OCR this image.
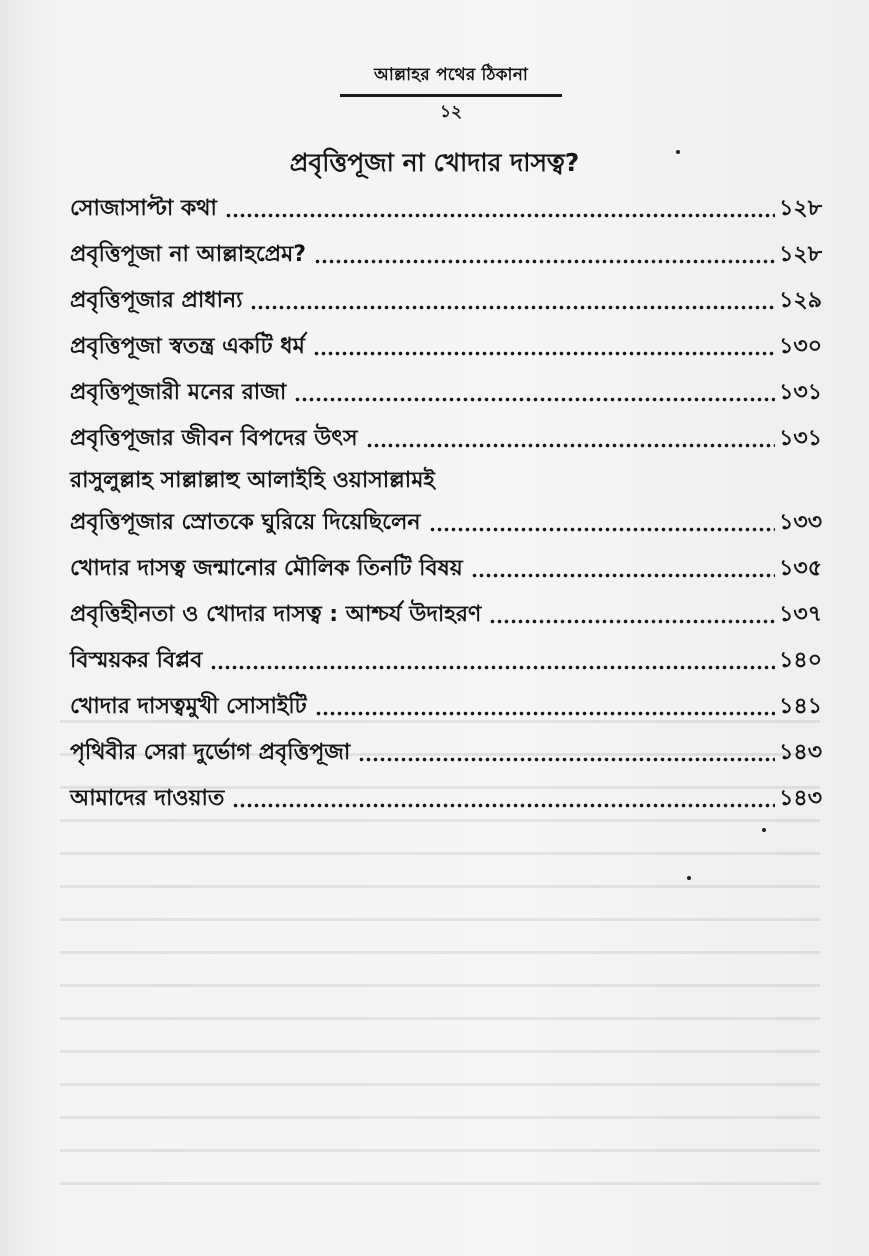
আল্লাহর পথের ঠিকানা
১২
প্রবৃত্তিপূজা না খোদার দাসত্ব?
সোজাসাপ্টা কথা	১২৮
প্রবৃত্তিপূজা না আল্লাহপ্রেম?	১২৮
প্রবৃত্তিপূজার প্রাধান্য	১২৯
প্রবৃত্তিপূজা স্বতন্ত্র একটি ধর্ম	১৩০
প্রবৃত্তিপূজারী মনের রাজা	১৩১
প্রবৃত্তিপূজার জীবন বিপদের উৎস	১৩১
রাসুলুল্লাহ সাল্লাল্লাহু আলাইহি ওয়াসাল্লামই
প্রবৃত্তিপূজার স্রোতকে ঘুরিয়ে দিয়েছিলেন	১৩৩
খোদার দাসত্ব জন্মানোর মৌলিক তিনটি বিষয়	১৩৫
প্রবৃত্তিহীনতা ও খোদার দাসত্ব : আশ্চর্য উদাহরণ	১৩৭
বিস্ময়কর বিপ্লব	১৪০
খোদার দাসত্বমুখী সোসাইটি	১৪১
পৃথিবীর সেরা দুর্ভোগ প্রবৃত্তিপূজা	১৪৩
আমাদের দাওয়াত	১৪৩
